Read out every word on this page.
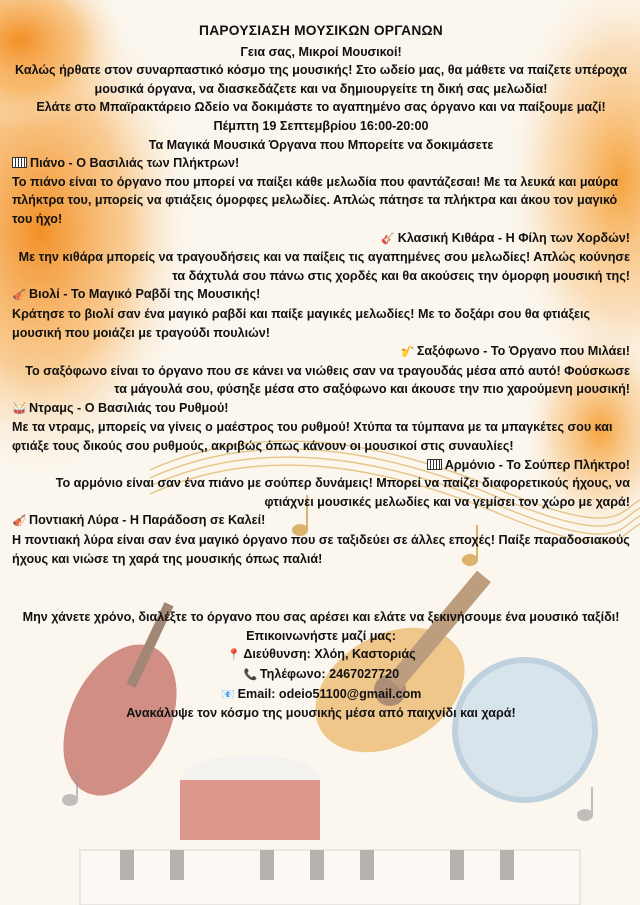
ΠΑΡΟΥΣΙΑΣΗ ΜΟΥΣΙΚΩΝ ΟΡΓΑΝΩΝ

Γεια σας, Μικροί Μουσικοί!

Καλώς ήρθατε στον συναρπαστικό κόσμο της μουσικής! Στο ωδείο μας, θα μάθετε να παίζετε υπέροχα μουσικά όργανα, να διασκεδάζετε και να δημιουργείτε τη δική σας μελωδία!

Ελάτε στο Μπαϊρακτάρειο Ωδείο να δοκιμάστε το αγαπημένο σας όργανο και να παίξουμε μαζί!

Πέμπτη 19 Σεπτεμβρίου 16:00-20:00

Τα Μαγικά Μουσικά Όργανα που Μπορείτε να δοκιμάσετε

Πιάνο - Ο Βασιλιάς των Πλήκτρων!

Το πιάνο είναι το όργανο που μπορεί να παίξει κάθε μελωδία που φαντάζεσαι! Με τα λευκά και μαύρα πλήκτρα του, μπορείς να φτιάξεις όμορφες μελωδίες. Απλώς πάτησε τα πλήκτρα και άκου τον μαγικό του ήχο!

🎸 Κλασική Κιθάρα - Η Φίλη των Χορδών!

Με την κιθάρα μπορείς να τραγουδήσεις και να παίξεις τις αγαπημένες σου μελωδίες! Απλώς κούνησε τα δάχτυλά σου πάνω στις χορδές και θα ακούσεις την όμορφη μουσική της!

🎻 Βιολί - Το Μαγικό Ραβδί της Μουσικής!

Κράτησε το βιολί σαν ένα μαγικό ραβδί και παίξε μαγικές μελωδίες! Με το δοξάρι σου θα φτιάξεις μουσική που μοιάζει με τραγούδι πουλιών!

🎷 Σαξόφωνο - Το Όργανο που Μιλάει!

Το σαξόφωνο είναι το όργανο που σε κάνει να νιώθεις σαν να τραγουδάς μέσα από αυτό! Φούσκωσε τα μάγουλά σου, φύσηξε μέσα στο σαξόφωνο και άκουσε την πιο χαρούμενη μουσική!

🥁 Ντραμς - Ο Βασιλιάς του Ρυθμού!

Με τα ντραμς, μπορείς να γίνεις ο μαέστρος του ρυθμού! Χτύπα τα τύμπανα με τα μπαγκέτες σου και φτιάξε τους δικούς σου ρυθμούς, ακριβώς όπως κάνουν οι μουσικοί στις συναυλίες!

Αρμόνιο - Το Σούπερ Πλήκτρο!

Το αρμόνιο είναι σαν ένα πιάνο με σούπερ δυνάμεις! Μπορεί να παίζει διαφορετικούς ήχους, να φτιάχνει μουσικές μελωδίες και να γεμίσει τον χώρο με χαρά!

🎻 Ποντιακή Λύρα - Η Παράδοση σε Καλεί!

Η ποντιακή λύρα είναι σαν ένα μαγικό όργανο που σε ταξιδεύει σε άλλες εποχές! Παίξε παραδοσιακούς ήχους και νιώσε τη χαρά της μουσικής όπως παλιά!

Μην χάνετε χρόνο, διαλέξτε το όργανο που σας αρέσει και ελάτε να ξεκινήσουμε ένα μουσικό ταξίδι!

Επικοινωνήστε μαζί μας:

📍 Διεύθυνση: Χλόη, Καστοριάς

📞 Τηλέφωνο: 2467027720

📧 Email: odeio51100@gmail.com

Ανακάλυψε τον κόσμο της μουσικής μέσα από παιχνίδι και χαρά!
